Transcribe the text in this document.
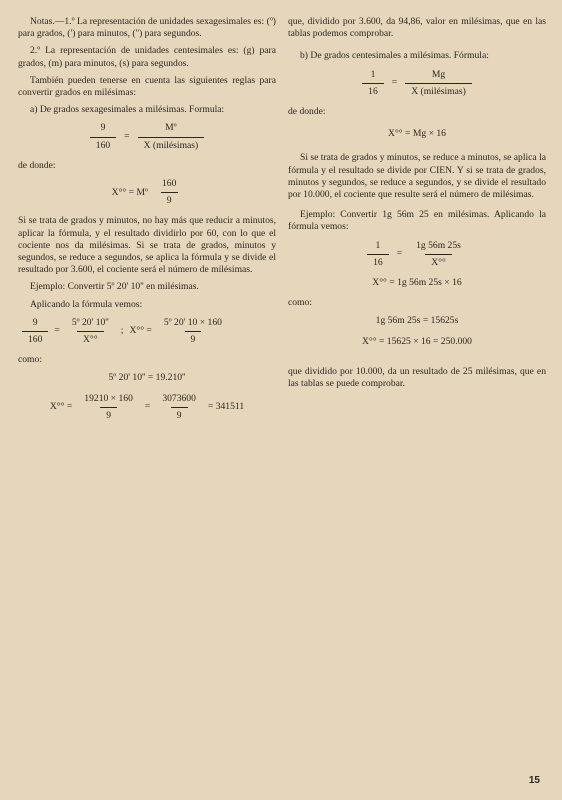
Notas.—1.º La representación de unidades sexagesimales es: (º) para grados, (') para minutos, ('') para segundos.

2.º La representación de unidades centesimales es: (g) para grados, (m) para minutos, (s) para segundos.

También pueden tenerse en cuenta las siguientes reglas para convertir grados en milésimas:

a) De grados sexagesimales a milésimas. Formula:

$\frac{9}{160} = \frac{\text{Mº}}{\text{X (milésimas)}}$

de donde:

X°° = Mº $\frac{160}{9}$

Si se trata de grados y minutos, no hay más que reducir a minutos, aplicar la fórmula, y el resultado dividirlo por 60, con lo que el cociente nos da milésimas. Si se trata de grados, minutos y segundos, se reduce a segundos, se aplica la fórmula y se divide el resultado por 3.600, el cociente será el número de milésimas.

Ejemplo: Convertir 5º 20' 10'' en milésimas.

Aplicando la fórmula vemos:

$\frac{9}{160} = \frac{\text{5º 20' 10''}}{X^\circ^\circ}$ ; $X^\circ^\circ = \frac{\text{5º 20' 10 × 160}}{9}$

como:

5º 20' 10'' = 19.210''
$X^\circ^\circ = \frac{19210 \times 160}{9} = \frac{3073600}{9} = 341511$

que, dividido por 3.600, da 94,86, valor en milésimas, que en las tablas podemos comprobar.

b) De grados centesimales a milésimas. Fórmula:

$\frac{1}{16} = \frac{Mg}{\text{X (milésimas)}}$

de donde:

X°° = Mg × 16

Si se trata de grados y minutos, se reduce a minutos, se aplica la fórmula y el resultado se divide por CIEN. Y si se trata de grados, minutos y segundos, se reduce a segundos, y se divide el resultado por 10.000, el cociente que resulte será el número de milésimas.

Ejemplo: Convertir 1g 56m 25 en milésimas. Aplicando la fórmula vemos:

$\frac{1}{16} = \frac{1g 56m 25s}{X^\circ^\circ}$
X°° = 1g 56m 25s × 16

como:

1g 56m 25s = 15625s
X°° = 15625 × 16 = 250.000

que dividido por 10.000, da un resultado de 25 milésimas, que en las tablas se puede comprobar.

15
